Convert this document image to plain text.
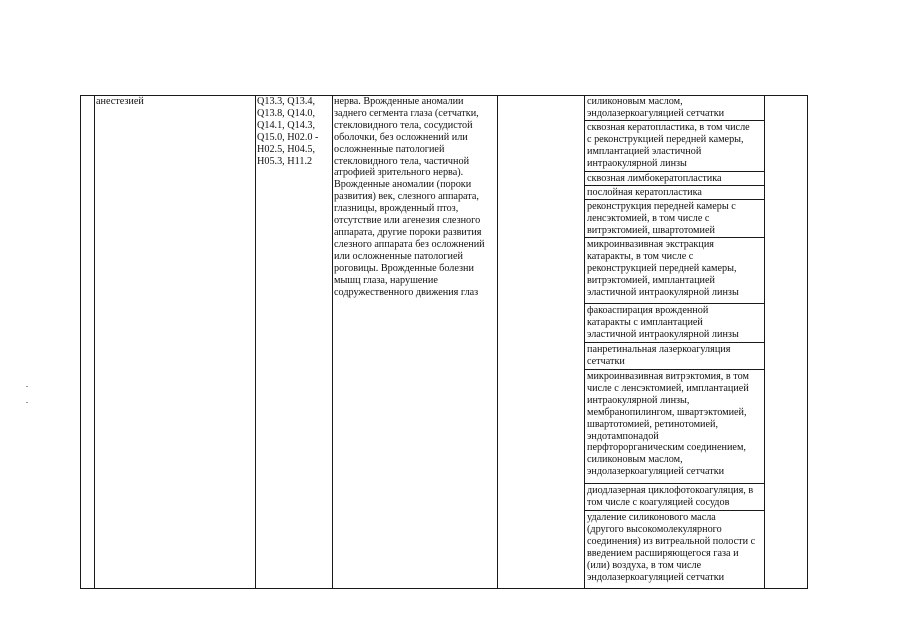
анестезией	Q13.3, Q13.4,
Q13.8, Q14.0,
Q14.1, Q14.3,
Q15.0, H02.0 -
H02.5, H04.5,
H05.3, H11.2
нерва. Врожденные аномалии
заднего сегмента глаза (сетчатки,
стекловидного тела, сосудистой
оболочки, без осложнений или
осложненные патологией
стекловидного тела, частичной
атрофией зрительного нерва).
Врожденные аномалии (пороки
развития) век, слезного аппарата,
глазницы, врожденный птоз,
отсутствие или агенезия слезного
аппарата, другие пороки развития
слезного аппарата без осложнений
или осложненные патологией
роговицы. Врожденные болезни
мышц глаза, нарушение
содружественного движения глаз
силиконовым маслом,
эндолазеркоагуляцией сетчатки
сквозная кератопластика, в том числе
с реконструкцией передней камеры,
имплантацией эластичной
интраокулярной линзы
сквозная лимбокератопластика
послойная кератопластика
реконструкция передней камеры с
ленсэктомией, в том числе с
витрэктомией, швартотомией
микроинвазивная экстракция
катаракты, в том числе с
реконструкцией передней камеры,
витрэктомией, имплантацией
эластичной интраокулярной линзы
факоаспирация врожденной
катаракты с имплантацией
эластичной интраокулярной линзы
панретинальная лазеркоагуляция
сетчатки
микроинвазивная витрэктомия, в том
числе с ленсэктомией, имплантацией
интраокулярной линзы,
мембранопилингом, швартэктомией,
швартотомией, ретинотомией,
эндотампонадой
перфторорганическим соединением,
силиконовым маслом,
эндолазеркоагуляцией сетчатки
диодлазерная циклофотокоагуляция, в
том числе с коагуляцией сосудов
удаление силиконового масла
(другого высокомолекулярного
соединения) из витреальной полости с
введением расширяющегося газа и
(или) воздуха, в том числе
эндолазеркоагуляцией сетчатки
